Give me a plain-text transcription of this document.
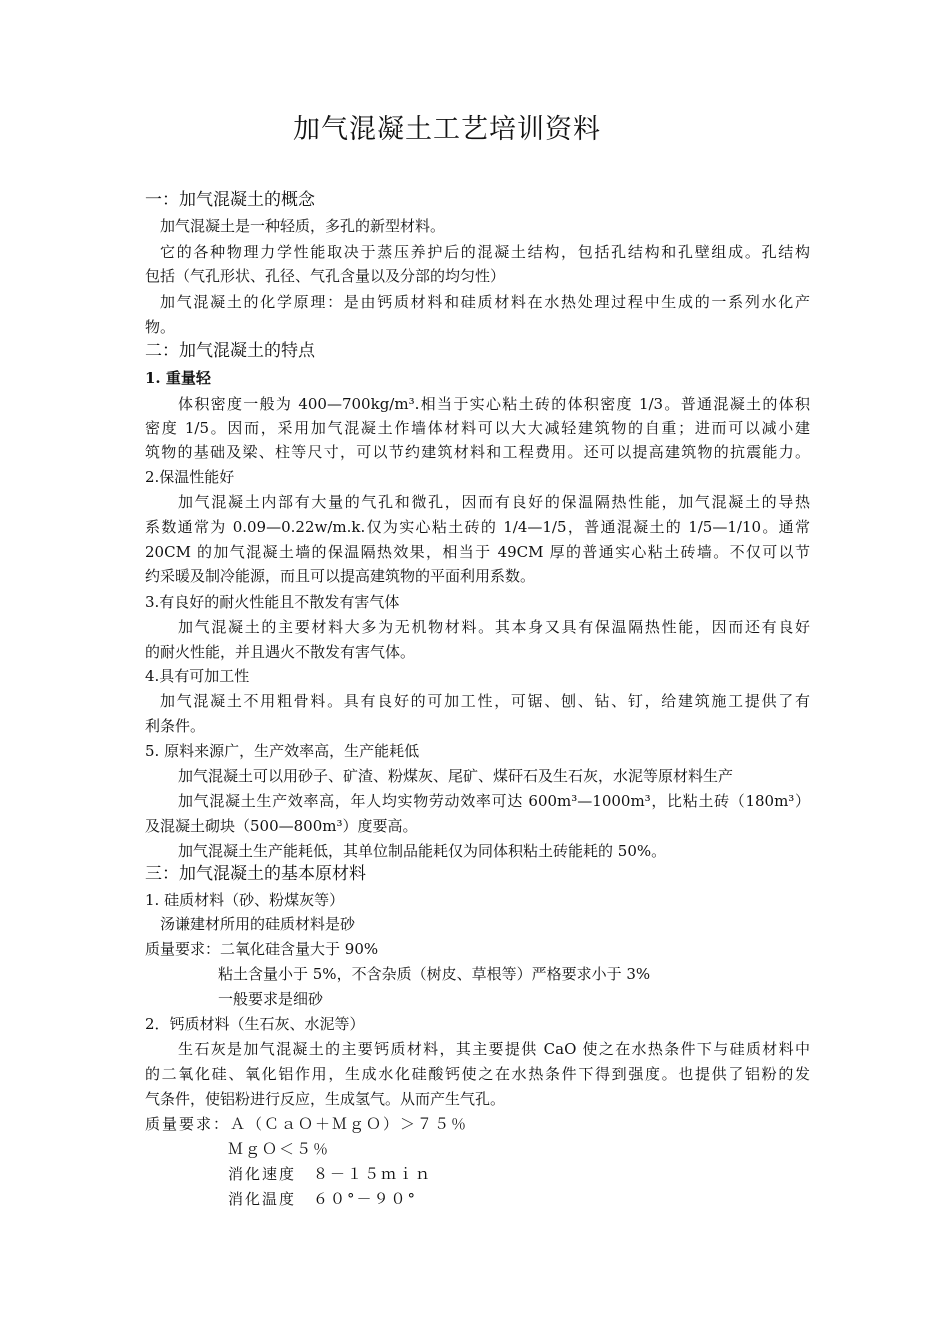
加气混凝土工艺培训资料
一：加气混凝土的概念
加气混凝土是一种轻质，多孔的新型材料。
它的各种物理力学性能取决于蒸压养护后的混凝土结构，包括孔结构和孔壁组成。孔结构
包括（气孔形状、孔径、气孔含量以及分部的均匀性）
加气混凝土的化学原理：是由钙质材料和硅质材料在水热处理过程中生成的一系列水化产
物。
二：加气混凝土的特点
1. 重量轻
体积密度一般为 400—700kg/m³.相当于实心粘土砖的体积密度 1/3。普通混凝土的体积
密度 1/5。因而，采用加气混凝土作墙体材料可以大大减轻建筑物的自重；进而可以减小建
筑物的基础及梁、柱等尺寸，可以节约建筑材料和工程费用。还可以提高建筑物的抗震能力。
2.保温性能好
加气混凝土内部有大量的气孔和微孔，因而有良好的保温隔热性能，加气混凝土的导热
系数通常为 0.09—0.22w/m.k.仅为实心粘土砖的 1/4—1/5，普通混凝土的 1/5—1/10。通常
20CM 的加气混凝土墙的保温隔热效果，相当于 49CM 厚的普通实心粘土砖墙。不仅可以节
约采暖及制冷能源，而且可以提高建筑物的平面利用系数。
3.有良好的耐火性能且不散发有害气体
加气混凝土的主要材料大多为无机物材料。其本身又具有保温隔热性能，因而还有良好
的耐火性能，并且遇火不散发有害气体。
4.具有可加工性
加气混凝土不用粗骨料。具有良好的可加工性，可锯、刨、钻、钉，给建筑施工提供了有
利条件。
5. 原料来源广，生产效率高，生产能耗低
加气混凝土可以用砂子、矿渣、粉煤灰、尾矿、煤矸石及生石灰，水泥等原材料生产
加气混凝土生产效率高，年人均实物劳动效率可达 600m³—1000m³，比粘土砖（180m³）
及混凝土砌块（500—800m³）度要高。
加气混凝土生产能耗低，其单位制品能耗仅为同体积粘土砖能耗的 50%。
三：加气混凝土的基本原材料
1. 硅质材料（砂、粉煤灰等）
汤谦建材所用的硅质材料是砂
质量要求：二氧化硅含量大于 90%
粘土含量小于 5%，不含杂质（树皮、草根等）严格要求小于 3%
一般要求是细砂
2．钙质材料（生石灰、水泥等）
生石灰是加气混凝土的主要钙质材料，其主要提供 CaO 使之在水热条件下与硅质材料中
的二氧化硅、氧化铝作用，生成水化硅酸钙使之在水热条件下得到强度。也提供了铝粉的发
气条件，使铝粉进行反应，生成氢气。从而产生气孔。
质量要求：Ａ（ＣａＯ＋ＭｇＯ）＞７５％
ＭｇＯ＜５％
消化速度　８－１５ｍｉｎ
消化温度　６０°－９０°
